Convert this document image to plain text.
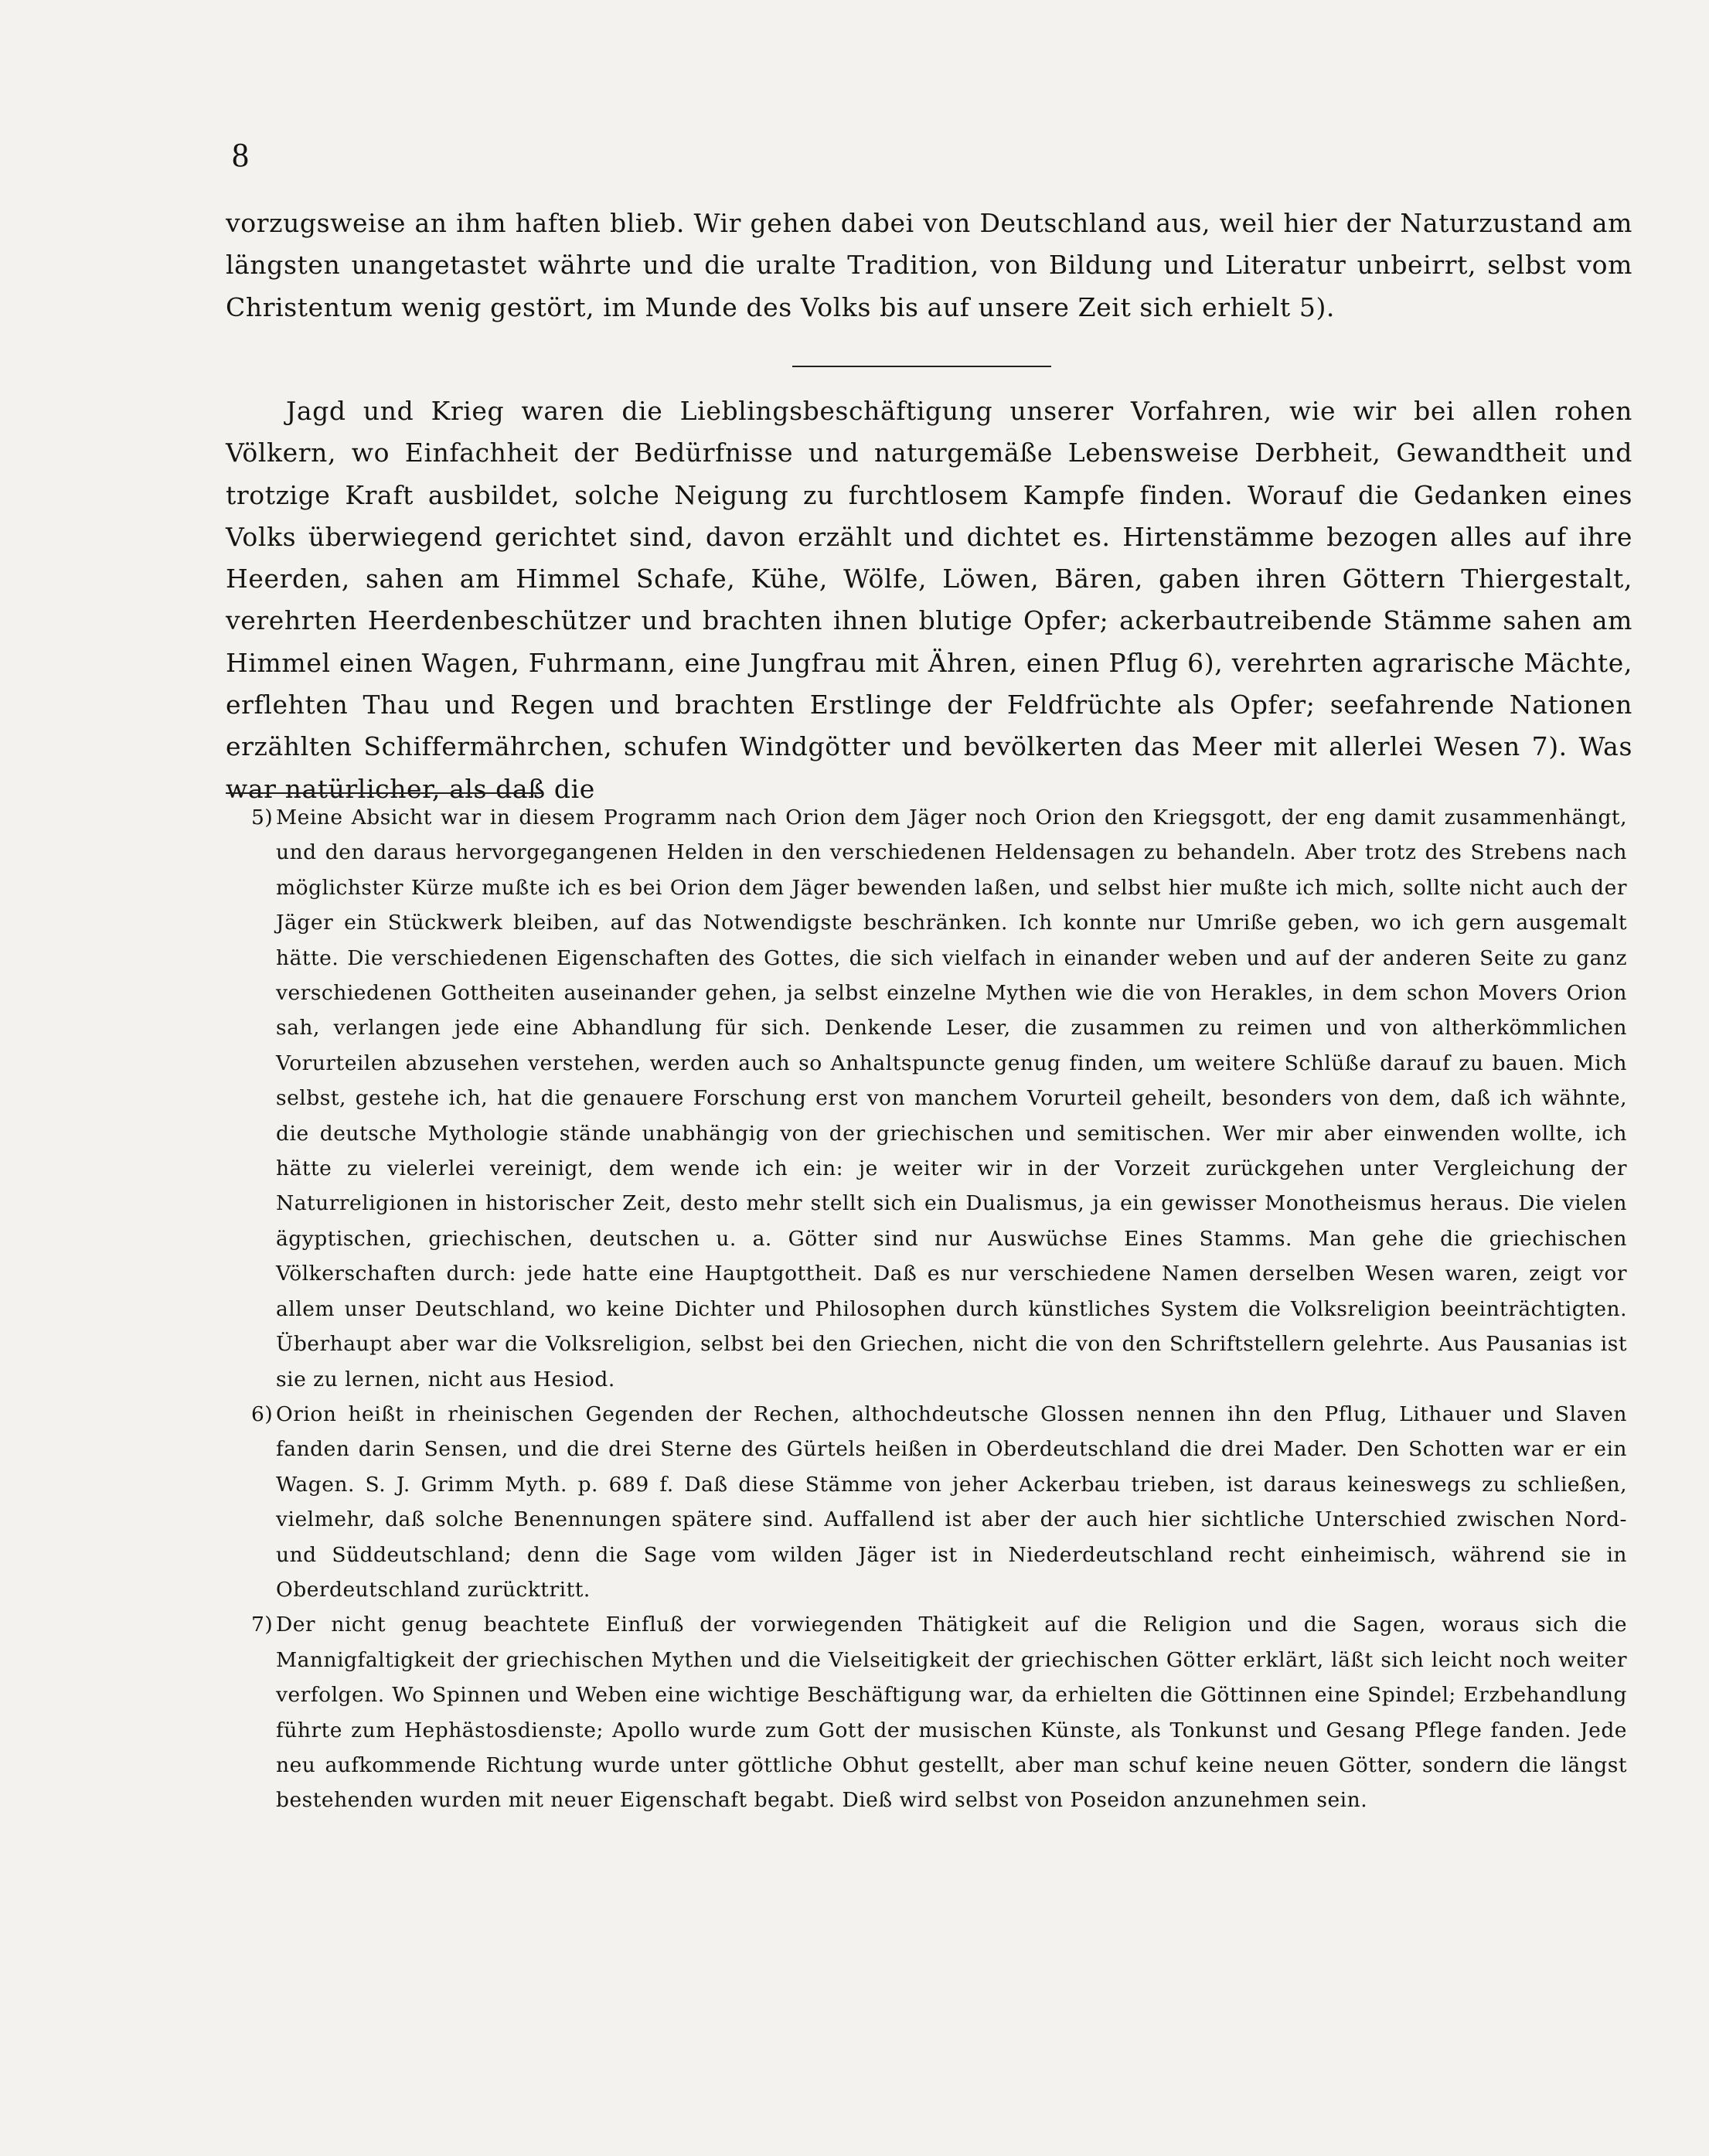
8

vorzugsweise an ihm haften blieb. Wir gehen dabei von Deutschland aus, weil hier der Naturzustand am längsten unangetastet währte und die uralte Tradition, von Bildung und Literatur unbeirrt, selbst vom Christentum wenig gestört, im Munde des Volks bis auf unsere Zeit sich erhielt 5).

Jagd und Krieg waren die Lieblingsbeschäftigung unserer Vorfahren, wie wir bei allen rohen Völkern, wo Einfachheit der Bedürfnisse und naturgemäße Lebensweise Derbheit, Gewandtheit und trotzige Kraft ausbildet, solche Neigung zu furchtlosem Kampfe finden. Worauf die Gedanken eines Volks überwiegend gerichtet sind, davon erzählt und dichtet es. Hirtenstämme bezogen alles auf ihre Heerden, sahen am Himmel Schafe, Kühe, Wölfe, Löwen, Bären, gaben ihren Göttern Thiergestalt, verehrten Heerdenbeschützer und brachten ihnen blutige Opfer; ackerbautreibende Stämme sahen am Himmel einen Wagen, Fuhrmann, eine Jungfrau mit Ähren, einen Pflug 6), verehrten agrarische Mächte, erflehten Thau und Regen und brachten Erstlinge der Feldfrüchte als Opfer; seefahrende Nationen erzählten Schiffermährchen, schufen Windgötter und bevölkerten das Meer mit allerlei Wesen 7). Was war natürlicher, als daß die

5) Meine Absicht war in diesem Programm nach Orion dem Jäger noch Orion den Kriegsgott, der eng damit zusammenhängt, und den daraus hervorgegangenen Helden in den verschiedenen Heldensagen zu behandeln. Aber trotz des Strebens nach möglichster Kürze mußte ich es bei Orion dem Jäger bewenden laßen, und selbst hier mußte ich mich, sollte nicht auch der Jäger ein Stückwerk bleiben, auf das Notwendigste beschränken. Ich konnte nur Umriße geben, wo ich gern ausgemalt hätte. Die verschiedenen Eigenschaften des Gottes, die sich vielfach in einander weben und auf der anderen Seite zu ganz verschiedenen Gottheiten auseinander gehen, ja selbst einzelne Mythen wie die von Herakles, in dem schon Movers Orion sah, verlangen jede eine Abhandlung für sich. Denkende Leser, die zusammen zu reimen und von altherkömmlichen Vorurteilen abzusehen verstehen, werden auch so Anhaltspuncte genug finden, um weitere Schlüße darauf zu bauen. Mich selbst, gestehe ich, hat die genauere Forschung erst von manchem Vorurteil geheilt, besonders von dem, daß ich wähnte, die deutsche Mythologie stände unabhängig von der griechischen und semitischen. Wer mir aber einwenden wollte, ich hätte zu vielerlei vereinigt, dem wende ich ein: je weiter wir in der Vorzeit zurückgehen unter Vergleichung der Naturreligionen in historischer Zeit, desto mehr stellt sich ein Dualismus, ja ein gewisser Monotheismus heraus. Die vielen ägyptischen, griechischen, deutschen u. a. Götter sind nur Auswüchse Eines Stamms. Man gehe die griechischen Völkerschaften durch: jede hatte eine Hauptgottheit. Daß es nur verschiedene Namen derselben Wesen waren, zeigt vor allem unser Deutschland, wo keine Dichter und Philosophen durch künstliches System die Volksreligion beeinträchtigten. Überhaupt aber war die Volksreligion, selbst bei den Griechen, nicht die von den Schriftstellern gelehrte. Aus Pausanias ist sie zu lernen, nicht aus Hesiod.
6) Orion heißt in rheinischen Gegenden der Rechen, althochdeutsche Glossen nennen ihn den Pflug, Lithauer und Slaven fanden darin Sensen, und die drei Sterne des Gürtels heißen in Oberdeutschland die drei Mader. Den Schotten war er ein Wagen. S. J. Grimm Myth. p. 689 f. Daß diese Stämme von jeher Ackerbau trieben, ist daraus keineswegs zu schließen, vielmehr, daß solche Benennungen spätere sind. Auffallend ist aber der auch hier sichtliche Unterschied zwischen Nord- und Süddeutschland; denn die Sage vom wilden Jäger ist in Niederdeutschland recht einheimisch, während sie in Oberdeutschland zurücktritt.
7) Der nicht genug beachtete Einfluß der vorwiegenden Thätigkeit auf die Religion und die Sagen, woraus sich die Mannigfaltigkeit der griechischen Mythen und die Vielseitigkeit der griechischen Götter erklärt, läßt sich leicht noch weiter verfolgen. Wo Spinnen und Weben eine wichtige Beschäftigung war, da erhielten die Göttinnen eine Spindel; Erzbehandlung führte zum Hephästosdienste; Apollo wurde zum Gott der musischen Künste, als Tonkunst und Gesang Pflege fanden. Jede neu aufkommende Richtung wurde unter göttliche Obhut gestellt, aber man schuf keine neuen Götter, sondern die längst bestehenden wurden mit neuer Eigenschaft begabt. Dieß wird selbst von Poseidon anzunehmen sein.
